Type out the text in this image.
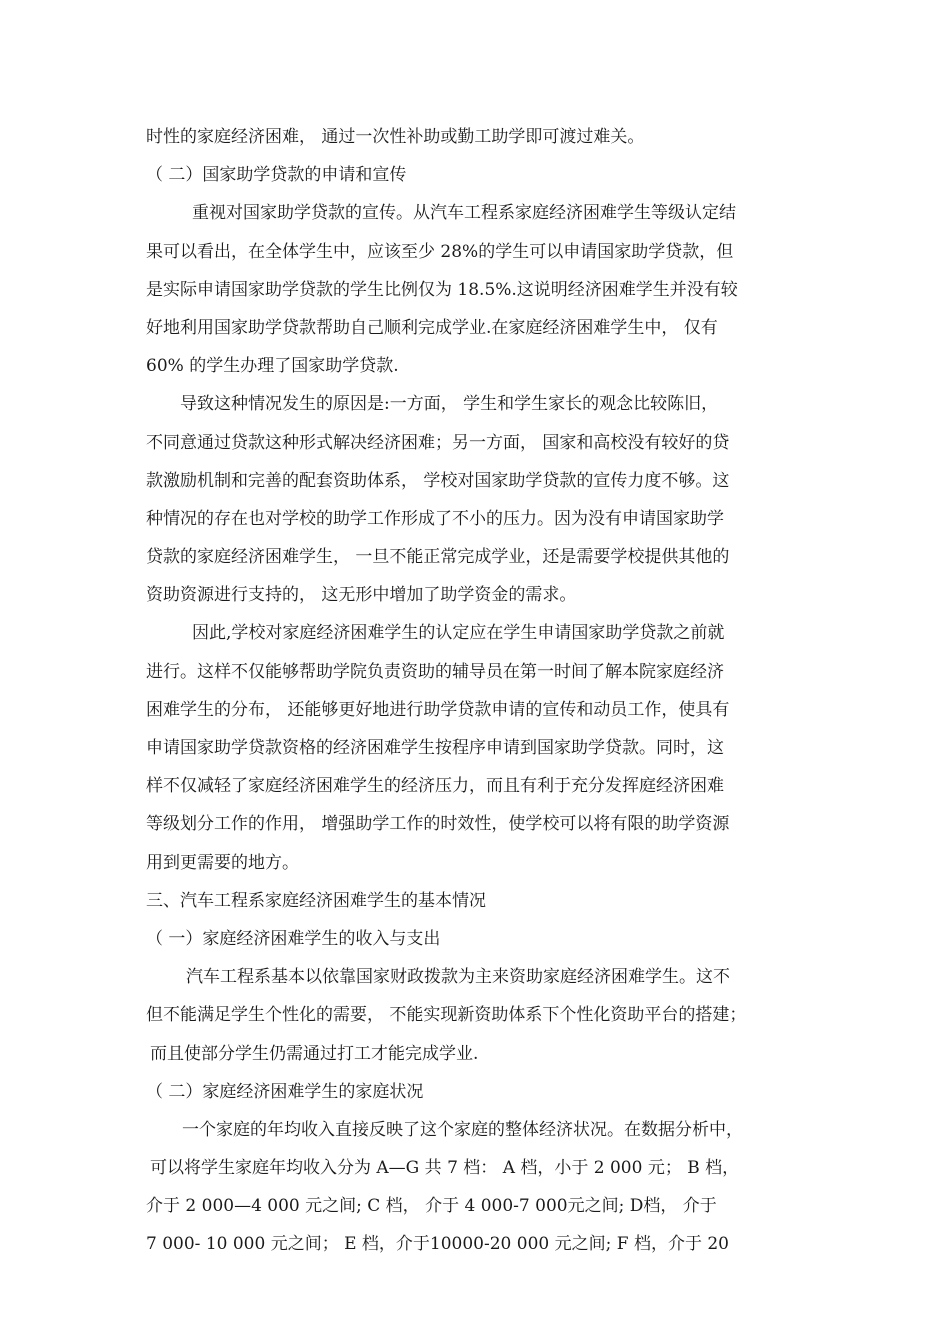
时性的家庭经济困难， 通过一次性补助或勤工助学即可渡过难关。
（ 二）国家助学贷款的申请和宣传
重视对国家助学贷款的宣传。从汽车工程系家庭经济困难学生等级认定结
果可以看出，在全体学生中，应该至少 28%的学生可以申请国家助学贷款，但
是实际申请国家助学贷款的学生比例仅为 18.5%.这说明经济困难学生并没有较
好地利用国家助学贷款帮助自己顺利完成学业.在家庭经济困难学生中， 仅有
60% 的学生办理了国家助学贷款.
导致这种情况发生的原因是:一方面， 学生和学生家长的观念比较陈旧，
不同意通过贷款这种形式解决经济困难；另一方面， 国家和高校没有较好的贷
款激励机制和完善的配套资助体系， 学校对国家助学贷款的宣传力度不够。这
种情况的存在也对学校的助学工作形成了不小的压力。因为没有申请国家助学
贷款的家庭经济困难学生， 一旦不能正常完成学业，还是需要学校提供其他的
资助资源进行支持的， 这无形中增加了助学资金的需求。
因此,学校对家庭经济困难学生的认定应在学生申请国家助学贷款之前就
进行。这样不仅能够帮助学院负责资助的辅导员在第一时间了解本院家庭经济
困难学生的分布， 还能够更好地进行助学贷款申请的宣传和动员工作，使具有
申请国家助学贷款资格的经济困难学生按程序申请到国家助学贷款。同时，这
样不仅减轻了家庭经济困难学生的经济压力，而且有利于充分发挥庭经济困难
等级划分工作的作用， 增强助学工作的时效性，使学校可以将有限的助学资源
用到更需要的地方。
三、汽车工程系家庭经济困难学生的基本情况
（ 一）家庭经济困难学生的收入与支出
汽车工程系基本以依靠国家财政拨款为主来资助家庭经济困难学生。这不
但不能满足学生个性化的需要， 不能实现新资助体系下个性化资助平台的搭建；
而且使部分学生仍需通过打工才能完成学业.
（ 二）家庭经济困难学生的家庭状况
一个家庭的年均收入直接反映了这个家庭的整体经济状况。在数据分析中，
可以将学生家庭年均收入分为 A—G 共 7 档： A 档，小于 2 000 元； B 档，
介于 2 000—4 000 元之间; C 档， 介于 4 000-7 000元之间; D档， 介于
7 000- 10 000 元之间； E 档，介于10000-20 000 元之间; F 档，介于 20
